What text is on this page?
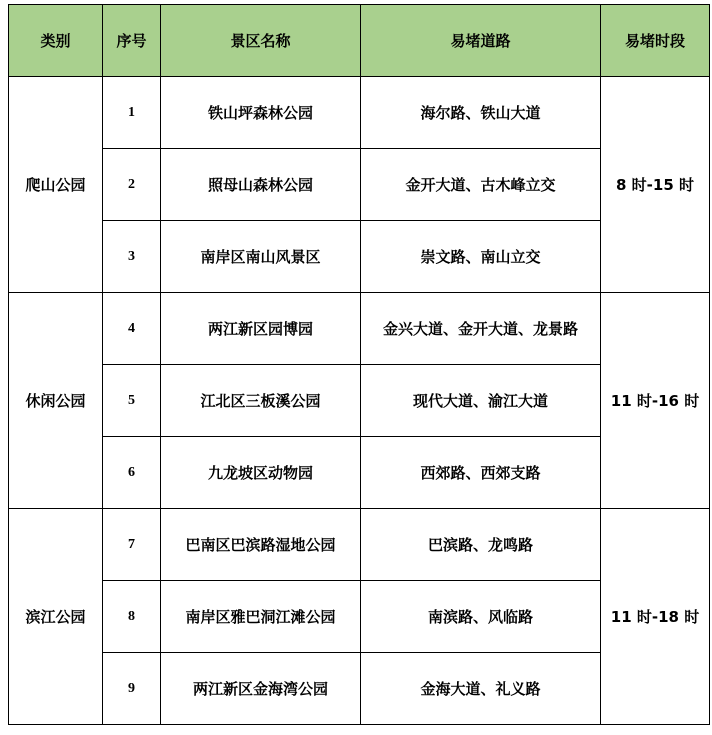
类别	序号	景区名称	易堵道路	易堵时段
爬山公园	1	铁山坪森林公园	海尔路、铁山大道	8 时-15 时
	2	照母山森林公园	金开大道、古木峰立交	
	3	南岸区南山风景区	崇文路、南山立交	
休闲公园	4	两江新区园博园	金兴大道、金开大道、龙景路	11 时-16 时
	5	江北区三板溪公园	现代大道、渝江大道	
	6	九龙坡区动物园	西郊路、西郊支路	
滨江公园	7	巴南区巴滨路湿地公园	巴滨路、龙鸣路	11 时-18 时
	8	南岸区雅巴洞江滩公园	南滨路、风临路	
	9	两江新区金海湾公园	金海大道、礼义路	
